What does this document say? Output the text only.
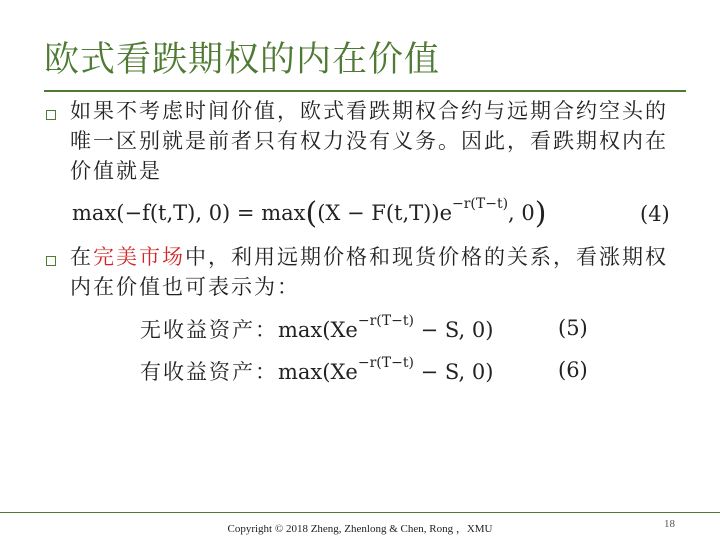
欧式看跌期权的内在价值
如果不考虑时间价值，欧式看跌期权合约与远期合约空头的唯一区别就是前者只有权力没有义务。因此，看跌期权内在价值就是
max(−f(t,T), $0) = \max((X - F(t,T))e^{-r(T-t)}$, 0)	(4)
在完美市场中，利用远期价格和现货价格的关系，看涨期权内在价值也可表示为：
无收益资产：$\max(Xe^{-r(T-t)} - S$, 0)	(5)
有收益资产：$\max(Xe^{-r(T-t)} - S$, 0)	(6)
Copyright © 2018 Zheng, Zhenlong & Chen, Rong ，XMU	18
